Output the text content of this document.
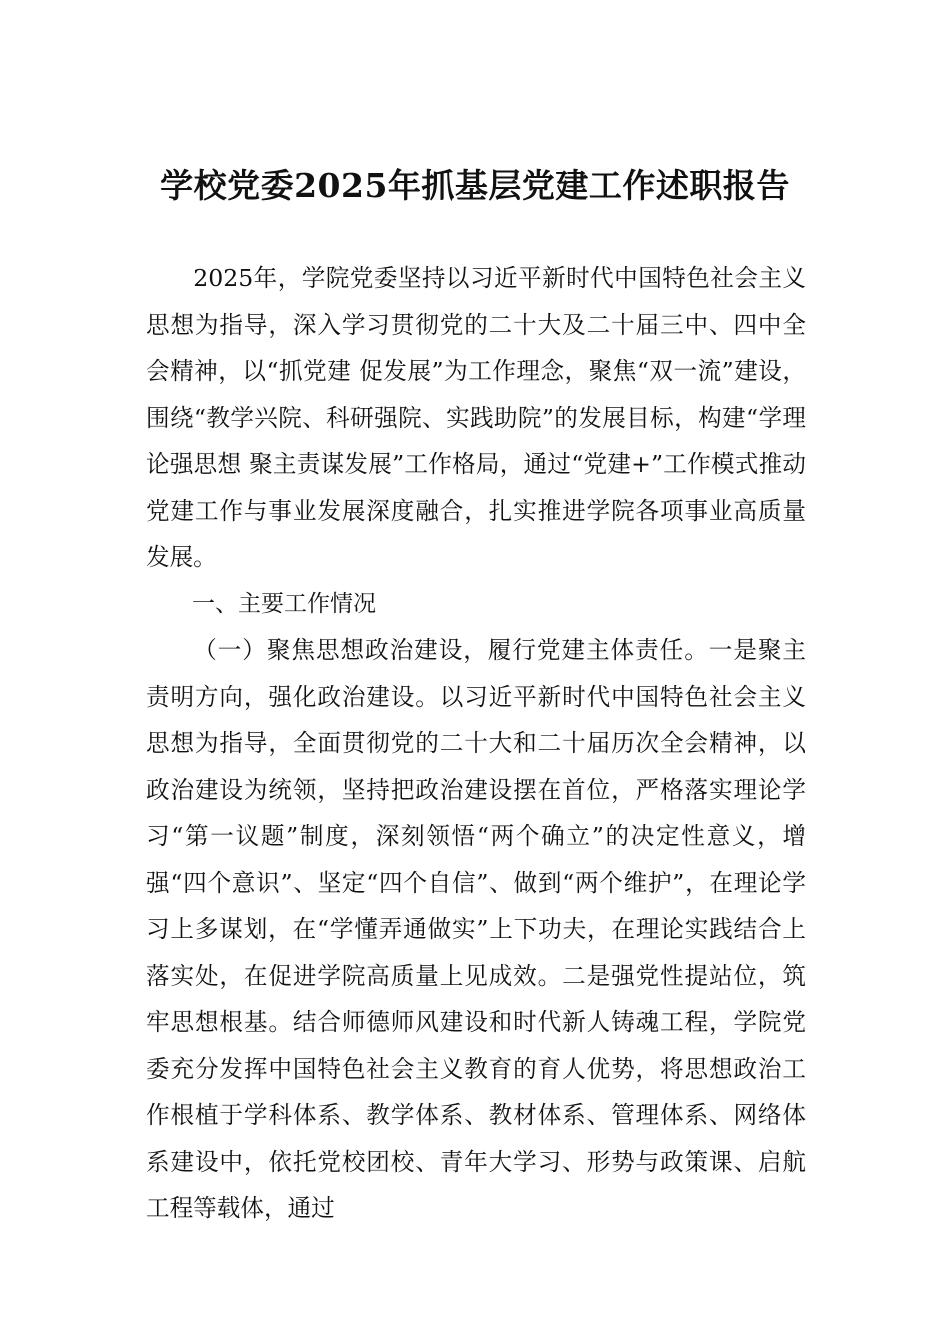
学校党委2025年抓基层党建工作述职报告

2025年，学院党委坚持以习近平新时代中国特色社会主义思想为指导，深入学习贯彻党的二十大及二十届三中、四中全会精神，以“抓党建 促发展”为工作理念，聚焦“双一流”建设，围绕“教学兴院、科研强院、实践助院”的发展目标，构建“学理论强思想 聚主责谋发展”工作格局，通过“党建+”工作模式推动党建工作与事业发展深度融合，扎实推进学院各项事业高质量发展。

一、主要工作情况

（一）聚焦思想政治建设，履行党建主体责任。一是聚主责明方向，强化政治建设。以习近平新时代中国特色社会主义思想为指导，全面贯彻党的二十大和二十届历次全会精神，以政治建设为统领，坚持把政治建设摆在首位，严格落实理论学习“第一议题”制度，深刻领悟“两个确立”的决定性意义，增强“四个意识”、坚定“四个自信”、做到“两个维护”，在理论学习上多谋划，在“学懂弄通做实”上下功夫，在理论实践结合上落实处，在促进学院高质量上见成效。二是强党性提站位，筑牢思想根基。结合师德师风建设和时代新人铸魂工程，学院党委充分发挥中国特色社会主义教育的育人优势，将思想政治工作根植于学科体系、教学体系、教材体系、管理体系、网络体系建设中，依托党校团校、青年大学习、形势与政策课、启航工程等载体，通过
